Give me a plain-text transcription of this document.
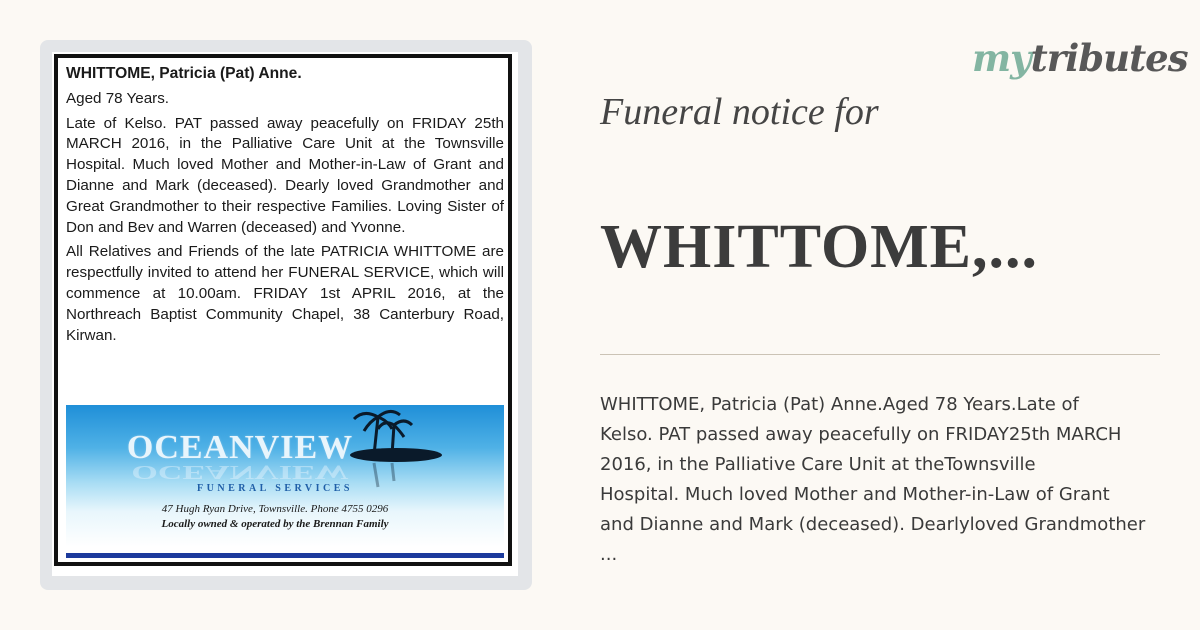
WHITTOME, Patricia (Pat) Anne.

Aged 78 Years.

Late of Kelso. PAT passed away peacefully on FRIDAY 25th MARCH 2016, in the Palliative Care Unit at the Townsville Hospital. Much loved Mother and Mother-in-Law of Grant and Dianne and Mark (deceased). Dearly loved Grandmother and Great Grandmother to their respective Families. Loving Sister of Don and Bev and Warren (deceased) and Yvonne.

All Relatives and Friends of the late PATRICIA WHITTOME are respectfully invited to attend her FUNERAL SERVICE, which will commence at 10.00am. FRIDAY 1st APRIL 2016, at the Northreach Baptist Community Chapel, 38 Canterbury Road, Kirwan.

OCEANVIEW
OCEANVIEW
FUNERAL SERVICES
47 Hugh Ryan Drive, Townsville. Phone 4755 0296
Locally owned & operated by the Brennan Family
mytributes
Funeral notice for
WHITTOME,...
WHITTOME, Patricia (Pat) Anne.Aged 78 Years.Late of
Kelso. PAT passed away peacefully on FRIDAY25th MARCH
2016, in the Palliative Care Unit at theTownsville
Hospital. Much loved Mother and Mother-in-Law of Grant
and Dianne and Mark (deceased). Dearlyloved Grandmother
...
